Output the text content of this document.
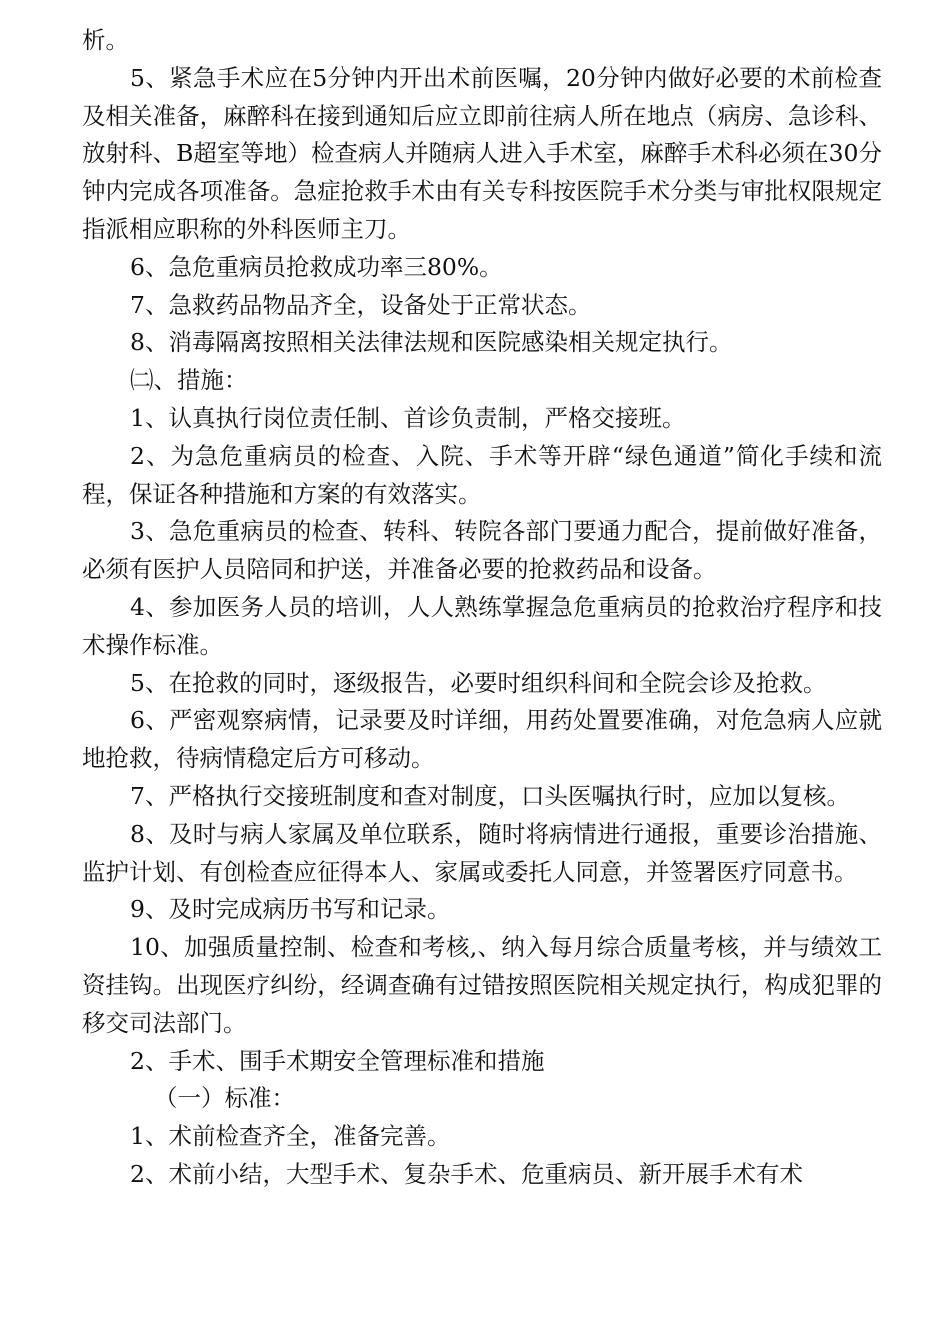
析。

5、紧急手术应在5分钟内开出术前医嘱，20分钟内做好必要的术前检查及相关准备，麻醉科在接到通知后应立即前往病人所在地点（病房、急诊科、放射科、B超室等地）检查病人并随病人进入手术室，麻醉手术科必须在30分钟内完成各项准备。急症抢救手术由有关专科按医院手术分类与审批权限规定指派相应职称的外科医师主刀。

6、急危重病员抢救成功率三80%。

7、急救药品物品齐全，设备处于正常状态。

8、消毒隔离按照相关法律法规和医院感染相关规定执行。

㈡、措施：

1、认真执行岗位责任制、首诊负责制，严格交接班。

2、为急危重病员的检查、入院、手术等开辟“绿色通道”简化手续和流程，保证各种措施和方案的有效落实。

3、急危重病员的检查、转科、转院各部门要通力配合，提前做好准备，必须有医护人员陪同和护送，并准备必要的抢救药品和设备。

4、参加医务人员的培训，人人熟练掌握急危重病员的抢救治疗程序和技术操作标准。

5、在抢救的同时，逐级报告，必要时组织科间和全院会诊及抢救。

6、严密观察病情，记录要及时详细，用药处置要准确，对危急病人应就地抢救，待病情稳定后方可移动。

7、严格执行交接班制度和查对制度，口头医嘱执行时，应加以复核。

8、及时与病人家属及单位联系，随时将病情进行通报，重要诊治措施、监护计划、有创检查应征得本人、家属或委托人同意，并签署医疗同意书。

9、及时完成病历书写和记录。

10、加强质量控制、检查和考核,、纳入每月综合质量考核，并与绩效工资挂钩。出现医疗纠纷，经调查确有过错按照医院相关规定执行，构成犯罪的移交司法部门。

2、手术、围手术期安全管理标准和措施

（一）标准：

1、术前检查齐全，准备完善。

2、术前小结，大型手术、复杂手术、危重病员、新开展手术有术
